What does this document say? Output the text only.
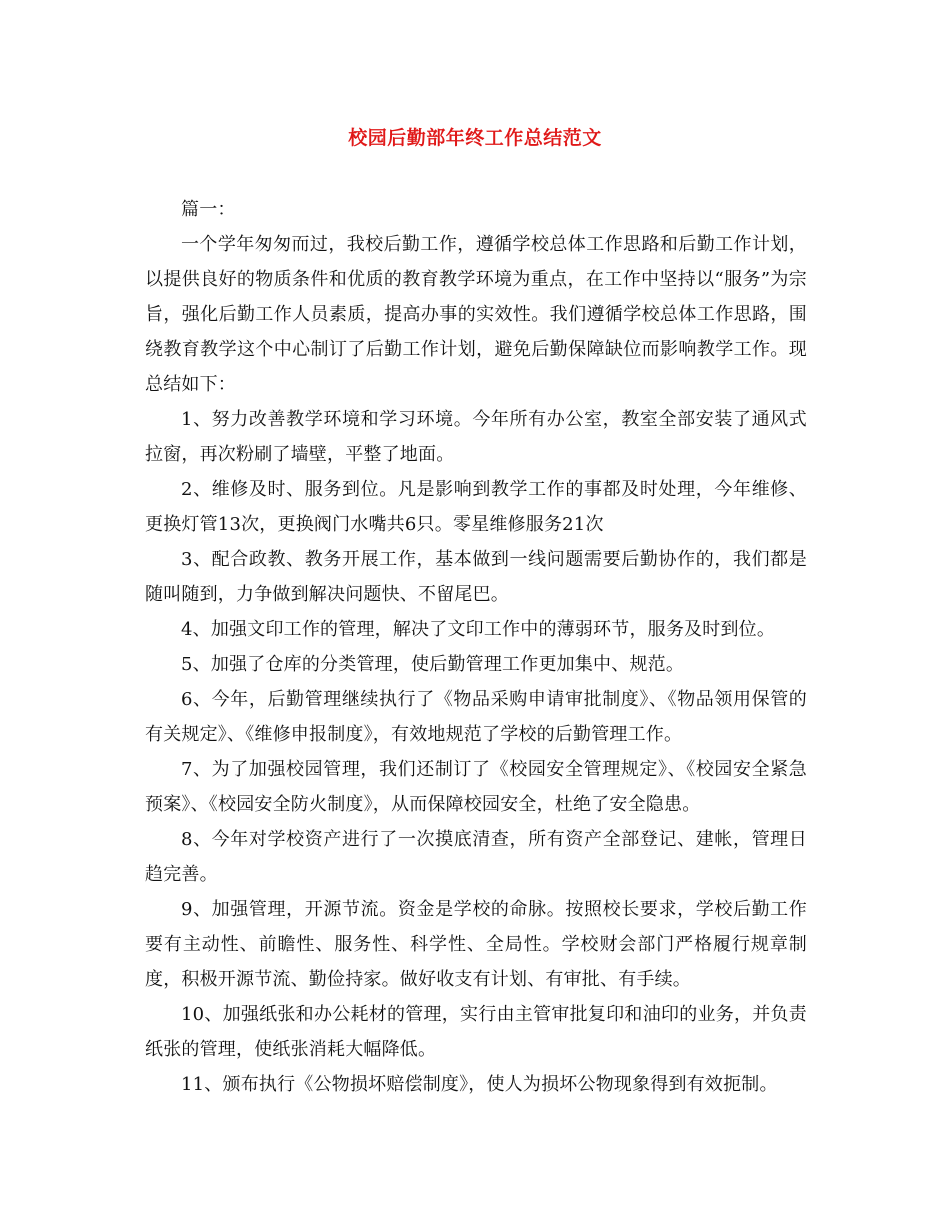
校园后勤部年终工作总结范文

篇一：

一个学年匆匆而过，我校后勤工作，遵循学校总体工作思路和后勤工作计划，以提供良好的物质条件和优质的教育教学环境为重点，在工作中坚持以“服务”为宗旨，强化后勤工作人员素质，提高办事的实效性。我们遵循学校总体工作思路，围绕教育教学这个中心制订了后勤工作计划，避免后勤保障缺位而影响教学工作。现总结如下：

1、努力改善教学环境和学习环境。今年所有办公室，教室全部安装了通风式拉窗，再次粉刷了墙壁，平整了地面。

2、维修及时、服务到位。凡是影响到教学工作的事都及时处理，今年维修、更换灯管13次，更换阀门水嘴共6只。零星维修服务21次

3、配合政教、教务开展工作，基本做到一线问题需要后勤协作的，我们都是随叫随到，力争做到解决问题快、不留尾巴。

4、加强文印工作的管理，解决了文印工作中的薄弱环节，服务及时到位。

5、加强了仓库的分类管理，使后勤管理工作更加集中、规范。

6、今年，后勤管理继续执行了《物品采购申请审批制度》、《物品领用保管的有关规定》、《维修申报制度》，有效地规范了学校的后勤管理工作。

7、为了加强校园管理，我们还制订了《校园安全管理规定》、《校园安全紧急预案》、《校园安全防火制度》，从而保障校园安全，杜绝了安全隐患。

8、今年对学校资产进行了一次摸底清查，所有资产全部登记、建帐，管理日趋完善。

9、加强管理，开源节流。资金是学校的命脉。按照校长要求，学校后勤工作要有主动性、前瞻性、服务性、科学性、全局性。学校财会部门严格履行规章制度，积极开源节流、勤俭持家。做好收支有计划、有审批、有手续。

10、加强纸张和办公耗材的管理，实行由主管审批复印和油印的业务，并负责纸张的管理，使纸张消耗大幅降低。

11、颁布执行《公物损坏赔偿制度》，使人为损坏公物现象得到有效扼制。
